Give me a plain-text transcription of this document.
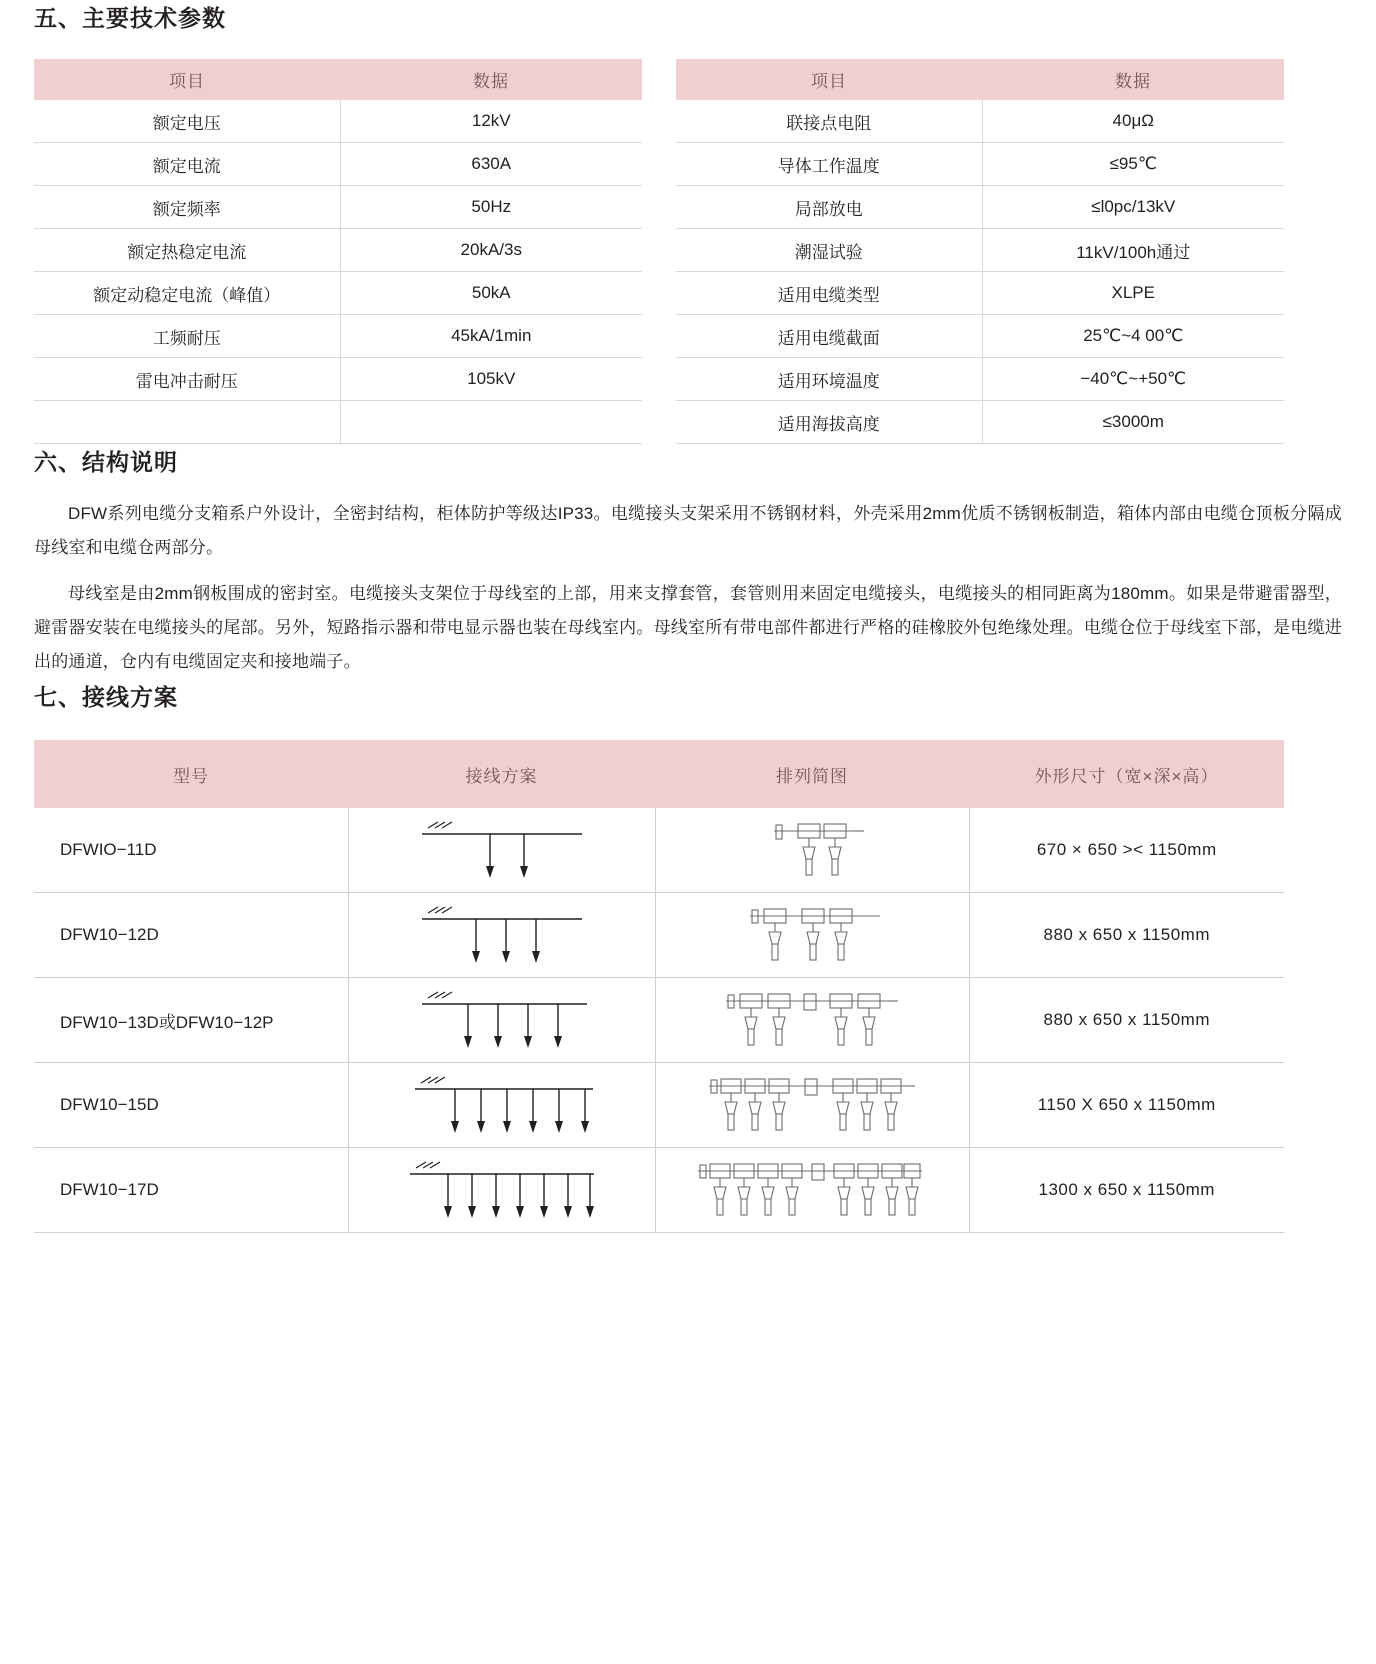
五、主要技术参数
项目	数据
额定电压	12kV
额定电流	630A
额定频率	50Hz
额定热稳定电流	20kA/3s
额定动稳定电流（峰值）	50kA
工频耐压	45kA/1min
雷电冲击耐压	105kV

项目	数据
联接点电阻	40μΩ
导体工作温度	≤95℃
局部放电	≤l0pc/13kV
潮湿试验	11kV/100h通过
适用电缆类型	XLPE
适用电缆截面	25℃~4 00℃
适用环境温度	−40℃~+50℃
适用海拔高度	≤3000m
六、结构说明

DFW系列电缆分支箱系户外设计，全密封结构，柜体防护等级达IP33。电缆接头支架采用不锈钢材料，外壳采用2mm优质不锈钢板制造，箱体内部由电缆仓顶板分隔成母线室和电缆仓两部分。

母线室是由2mm钢板围成的密封室。电缆接头支架位于母线室的上部，用来支撑套管，套管则用来固定电缆接头，电缆接头的相同距离为180mm。如果是带避雷器型，避雷器安装在电缆接头的尾部。另外，短路指示器和带电显示器也装在母线室内。母线室所有带电部件都进行严格的硅橡胶外包绝缘处理。电缆仓位于母线室下部，是电缆进出的通道，仓内有电缆固定夹和接地端子。

七、接线方案
型号	接线方案	排列简图	外形尺寸（宽×深×高）
DFWIO−11D			670 × 650 >< 1150mm
DFW10−12D			880 x 650 x 1150mm
DFW10−13D或DFW10−12P			880 x 650 x 1150mm
DFW10−15D			1150 X 650 x 1150mm
DFW10−17D			1300 x 650 x 1150mm
